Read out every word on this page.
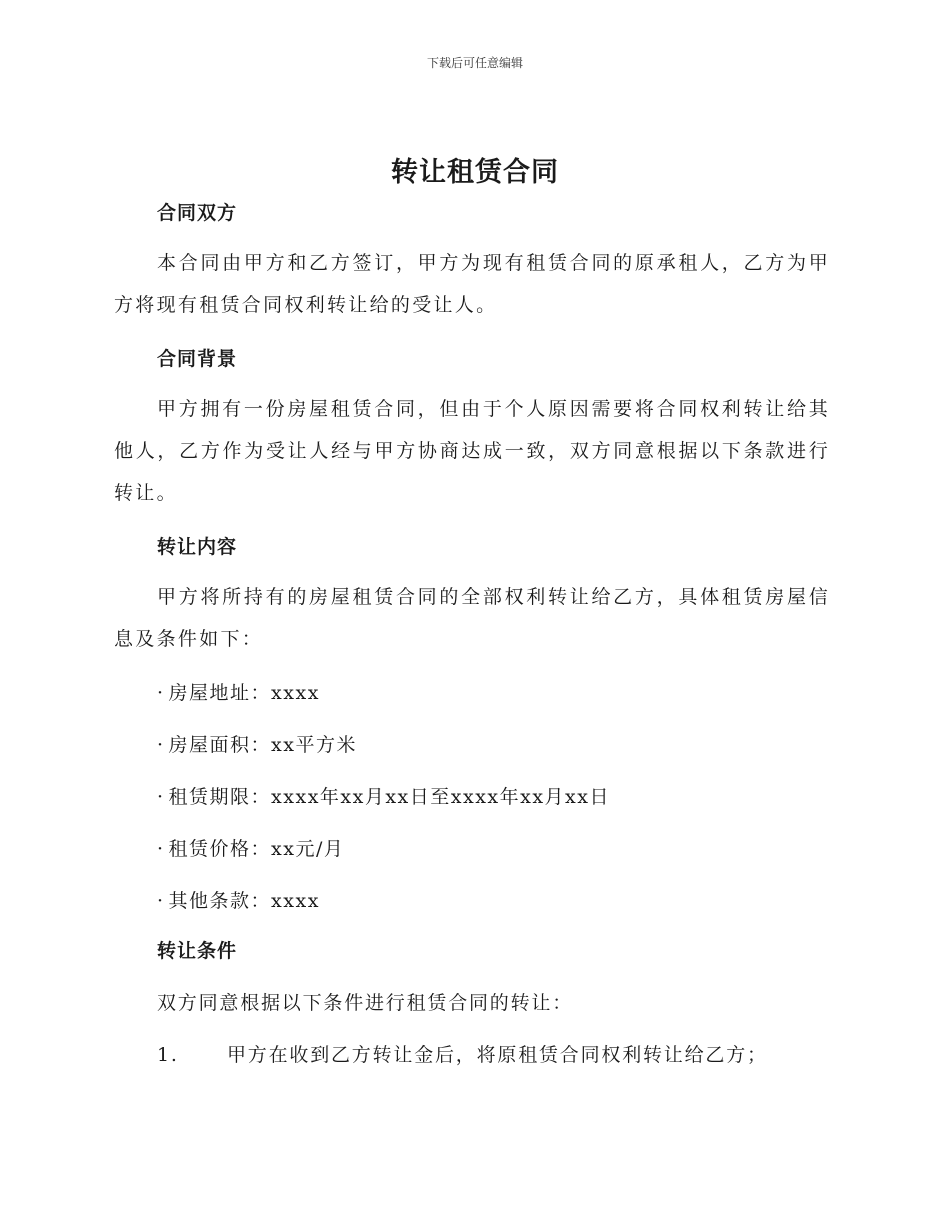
下载后可任意编辑
转让租赁合同
合同双方
本合同由甲方和乙方签订，甲方为现有租赁合同的原承租人，乙方为甲方将现有租赁合同权利转让给的受让人。
合同背景
甲方拥有一份房屋租赁合同，但由于个人原因需要将合同权利转让给其他人，乙方作为受让人经与甲方协商达成一致，双方同意根据以下条款进行转让。
转让内容
甲方将所持有的房屋租赁合同的全部权利转让给乙方，具体租赁房屋信息及条件如下：
· 房屋地址：xxxx
· 房屋面积：xx平方米
· 租赁期限：xxxx年xx月xx日至xxxx年xx月xx日
· 租赁价格：xx元/月
· 其他条款：xxxx
转让条件
双方同意根据以下条件进行租赁合同的转让：
1.	甲方在收到乙方转让金后，将原租赁合同权利转让给乙方；
